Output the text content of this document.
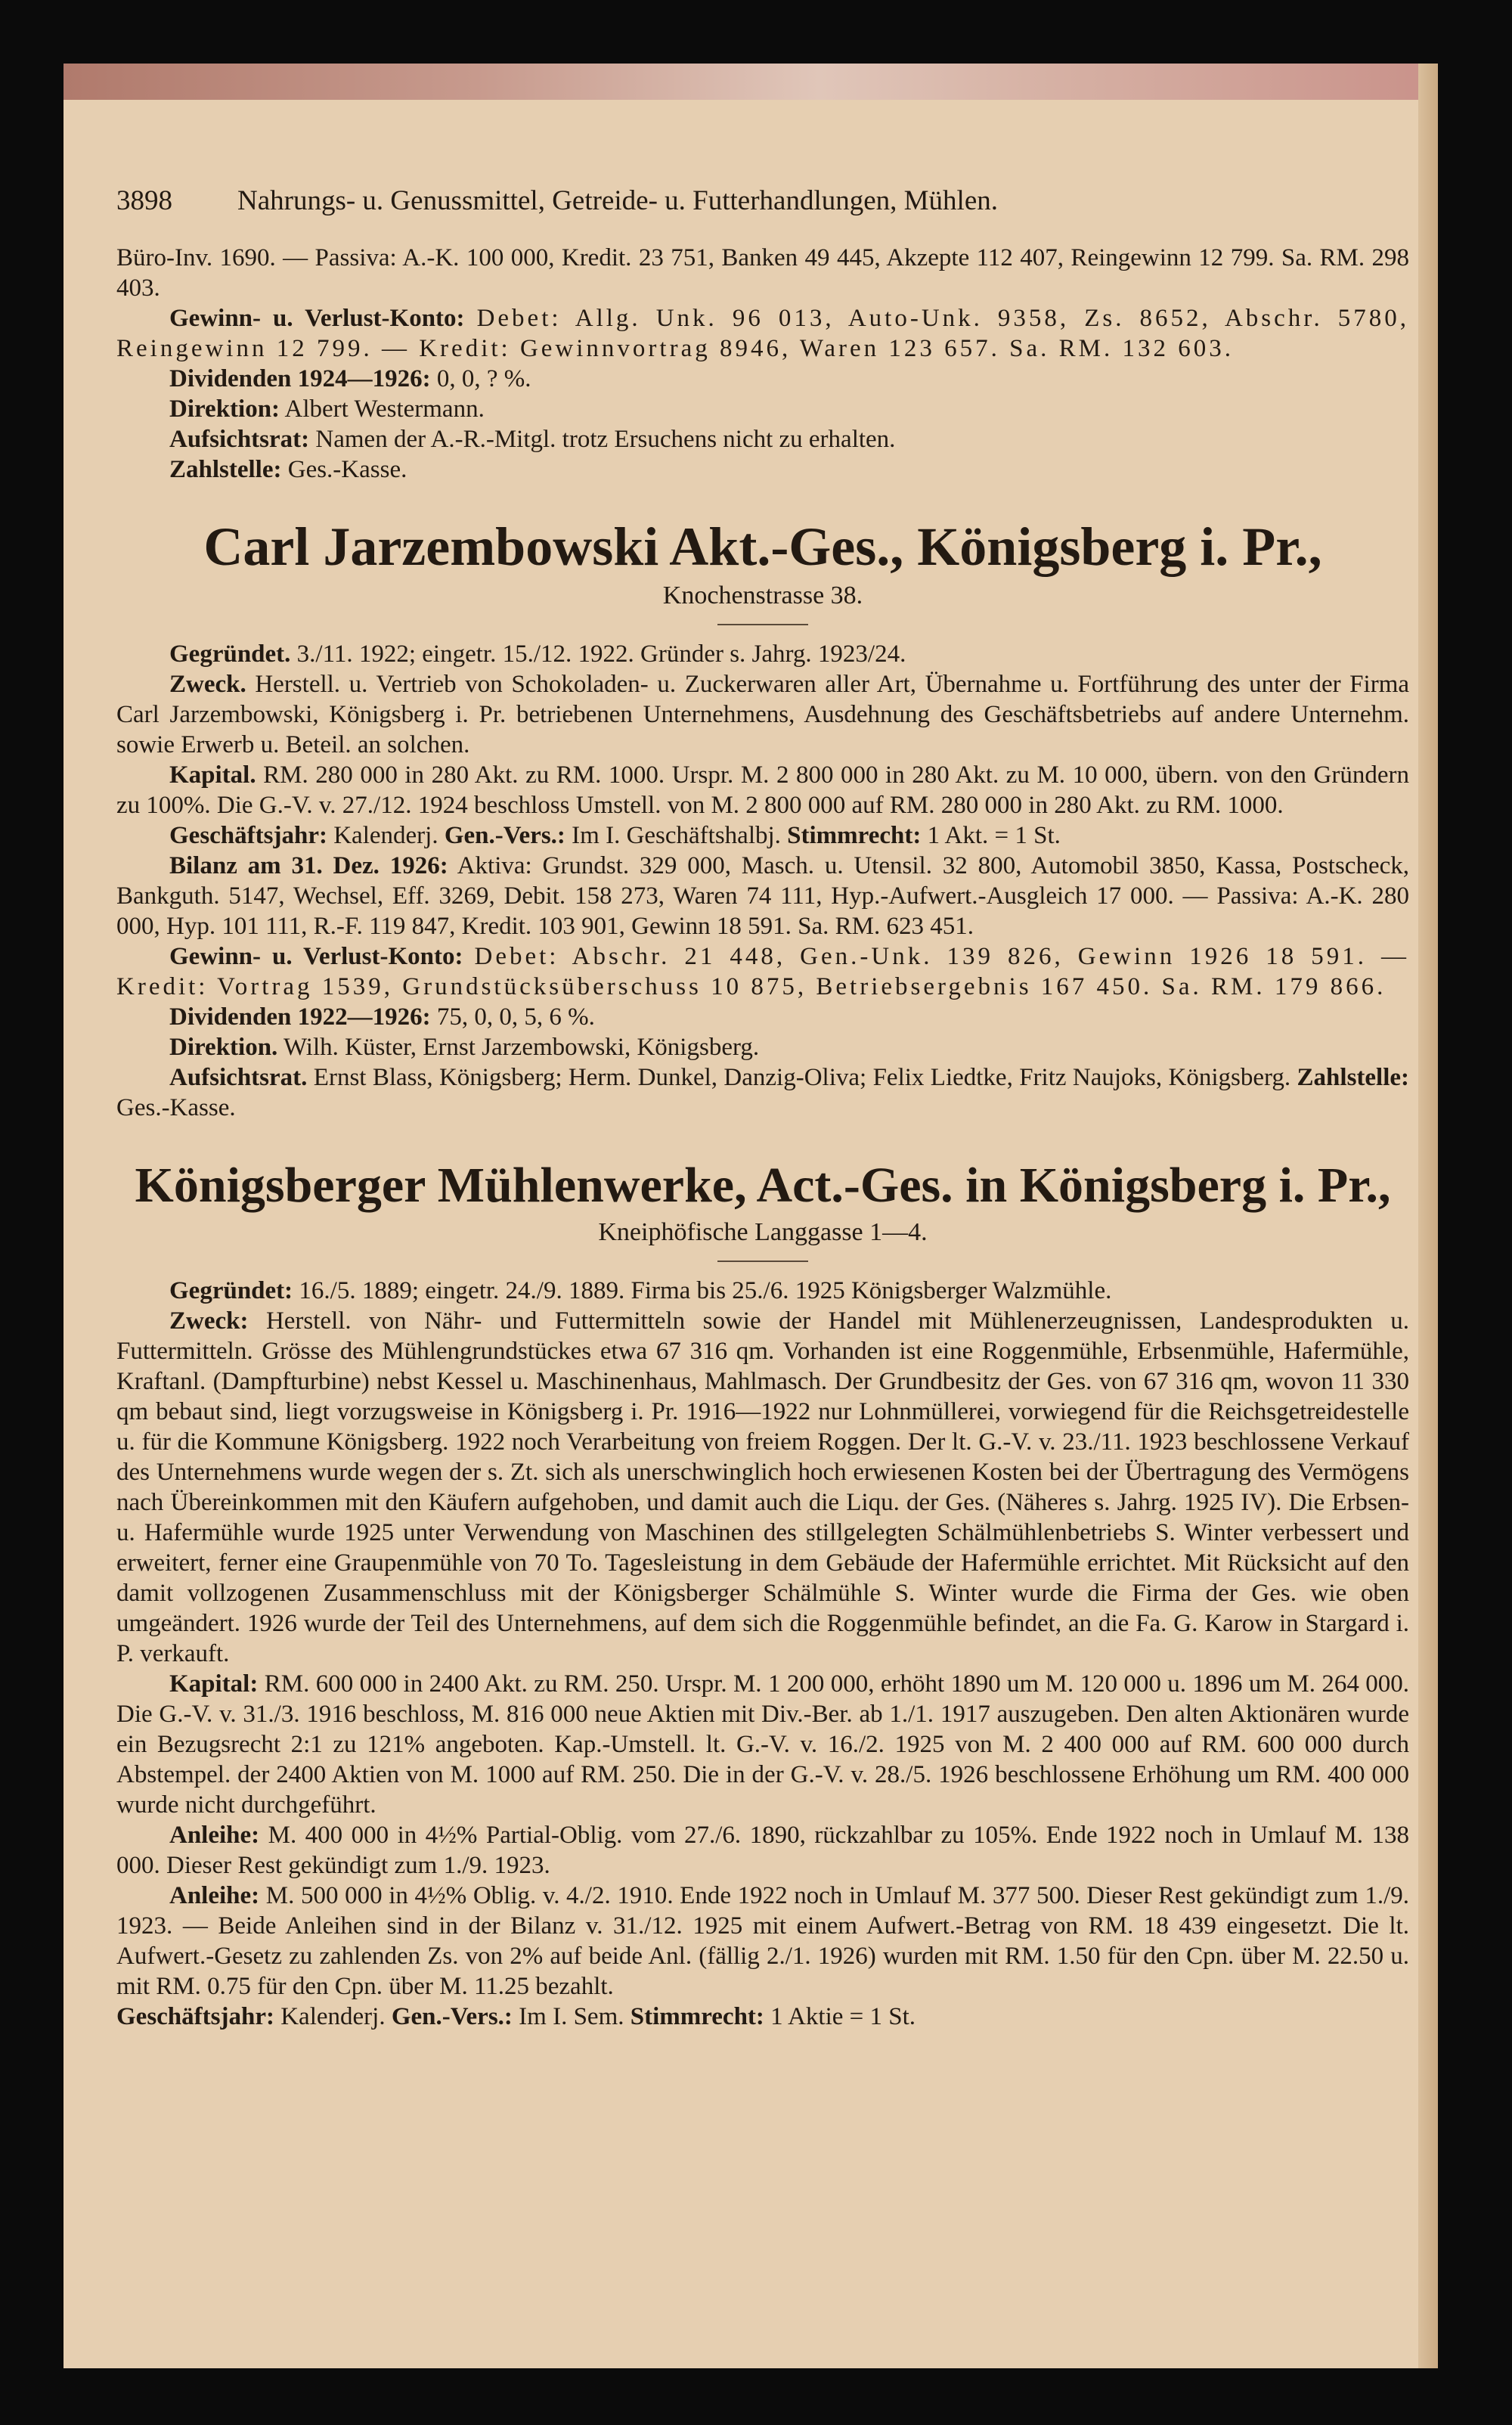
3898	Nahrungs- u. Genussmittel, Getreide- u. Futterhandlungen, Mühlen.

Büro-Inv. 1690. — Passiva: A.-K. 100 000, Kredit. 23 751, Banken 49 445, Akzepte 112 407, Reingewinn 12 799. Sa. RM. 298 403.

Gewinn- u. Verlust-Konto: Debet: Allg. Unk. 96 013, Auto-Unk. 9358, Zs. 8652, Abschr. 5780, Reingewinn 12 799. — Kredit: Gewinnvortrag 8946, Waren 123 657. Sa. RM. 132 603.

Dividenden 1924—1926: 0, 0, ? %.

Direktion: Albert Westermann.

Aufsichtsrat: Namen der A.-R.-Mitgl. trotz Ersuchens nicht zu erhalten.

Zahlstelle: Ges.-Kasse.

Carl Jarzembowski Akt.-Ges., Königsberg i. Pr.,
Knochenstrasse 38.

Gegründet. 3./11. 1922; eingetr. 15./12. 1922. Gründer s. Jahrg. 1923/24.

Zweck. Herstell. u. Vertrieb von Schokoladen- u. Zuckerwaren aller Art, Übernahme u. Fortführung des unter der Firma Carl Jarzembowski, Königsberg i. Pr. betriebenen Unternehmens, Ausdehnung des Geschäftsbetriebs auf andere Unternehm. sowie Erwerb u. Beteil. an solchen.

Kapital. RM. 280 000 in 280 Akt. zu RM. 1000. Urspr. M. 2 800 000 in 280 Akt. zu M. 10 000, übern. von den Gründern zu 100%. Die G.-V. v. 27./12. 1924 beschloss Umstell. von M. 2 800 000 auf RM. 280 000 in 280 Akt. zu RM. 1000.

Geschäftsjahr: Kalenderj. Gen.-Vers.: Im I. Geschäftshalbj. Stimmrecht: 1 Akt. = 1 St.

Bilanz am 31. Dez. 1926: Aktiva: Grundst. 329 000, Masch. u. Utensil. 32 800, Automobil 3850, Kassa, Postscheck, Bankguth. 5147, Wechsel, Eff. 3269, Debit. 158 273, Waren 74 111, Hyp.-Aufwert.-Ausgleich 17 000. — Passiva: A.-K. 280 000, Hyp. 101 111, R.-F. 119 847, Kredit. 103 901, Gewinn 18 591. Sa. RM. 623 451.

Gewinn- u. Verlust-Konto: Debet: Abschr. 21 448, Gen.-Unk. 139 826, Gewinn 1926 18 591. — Kredit: Vortrag 1539, Grundstücksüberschuss 10 875, Betriebsergebnis 167 450. Sa. RM. 179 866.

Dividenden 1922—1926: 75, 0, 0, 5, 6 %.

Direktion. Wilh. Küster, Ernst Jarzembowski, Königsberg.

Aufsichtsrat. Ernst Blass, Königsberg; Herm. Dunkel, Danzig-Oliva; Felix Liedtke, Fritz Naujoks, Königsberg. Zahlstelle: Ges.-Kasse.

Königsberger Mühlenwerke, Act.-Ges. in Königsberg i. Pr.,
Kneiphöfische Langgasse 1—4.

Gegründet: 16./5. 1889; eingetr. 24./9. 1889. Firma bis 25./6. 1925 Königsberger Walzmühle.

Zweck: Herstell. von Nähr- und Futtermitteln sowie der Handel mit Mühlenerzeugnissen, Landesprodukten u. Futtermitteln. Grösse des Mühlengrundstückes etwa 67 316 qm. Vorhanden ist eine Roggenmühle, Erbsenmühle, Hafermühle, Kraftanl. (Dampfturbine) nebst Kessel u. Maschinenhaus, Mahlmasch. Der Grundbesitz der Ges. von 67 316 qm, wovon 11 330 qm bebaut sind, liegt vorzugsweise in Königsberg i. Pr. 1916—1922 nur Lohnmüllerei, vorwiegend für die Reichsgetreidestelle u. für die Kommune Königsberg. 1922 noch Verarbeitung von freiem Roggen. Der lt. G.-V. v. 23./11. 1923 beschlossene Verkauf des Unternehmens wurde wegen der s. Zt. sich als unerschwinglich hoch erwiesenen Kosten bei der Übertragung des Vermögens nach Übereinkommen mit den Käufern aufgehoben, und damit auch die Liqu. der Ges. (Näheres s. Jahrg. 1925 IV). Die Erbsen- u. Hafermühle wurde 1925 unter Verwendung von Maschinen des stillgelegten Schälmühlenbetriebs S. Winter verbessert und erweitert, ferner eine Graupenmühle von 70 To. Tagesleistung in dem Gebäude der Hafermühle errichtet. Mit Rücksicht auf den damit vollzogenen Zusammenschluss mit der Königsberger Schälmühle S. Winter wurde die Firma der Ges. wie oben umgeändert. 1926 wurde der Teil des Unternehmens, auf dem sich die Roggenmühle befindet, an die Fa. G. Karow in Stargard i. P. verkauft.

Kapital: RM. 600 000 in 2400 Akt. zu RM. 250. Urspr. M. 1 200 000, erhöht 1890 um M. 120 000 u. 1896 um M. 264 000. Die G.-V. v. 31./3. 1916 beschloss, M. 816 000 neue Aktien mit Div.-Ber. ab 1./1. 1917 auszugeben. Den alten Aktionären wurde ein Bezugsrecht 2:1 zu 121% angeboten. Kap.-Umstell. lt. G.-V. v. 16./2. 1925 von M. 2 400 000 auf RM. 600 000 durch Abstempel. der 2400 Aktien von M. 1000 auf RM. 250. Die in der G.-V. v. 28./5. 1926 beschlossene Erhöhung um RM. 400 000 wurde nicht durchgeführt.

Anleihe: M. 400 000 in 4½% Partial-Oblig. vom 27./6. 1890, rückzahlbar zu 105%. Ende 1922 noch in Umlauf M. 138 000. Dieser Rest gekündigt zum 1./9. 1923.

Anleihe: M. 500 000 in 4½% Oblig. v. 4./2. 1910. Ende 1922 noch in Umlauf M. 377 500. Dieser Rest gekündigt zum 1./9. 1923. — Beide Anleihen sind in der Bilanz v. 31./12. 1925 mit einem Aufwert.-Betrag von RM. 18 439 eingesetzt. Die lt. Aufwert.-Gesetz zu zahlenden Zs. von 2% auf beide Anl. (fällig 2./1. 1926) wurden mit RM. 1.50 für den Cpn. über M. 22.50 u. mit RM. 0.75 für den Cpn. über M. 11.25 bezahlt.

Geschäftsjahr: Kalenderj. Gen.-Vers.: Im I. Sem. Stimmrecht: 1 Aktie = 1 St.
